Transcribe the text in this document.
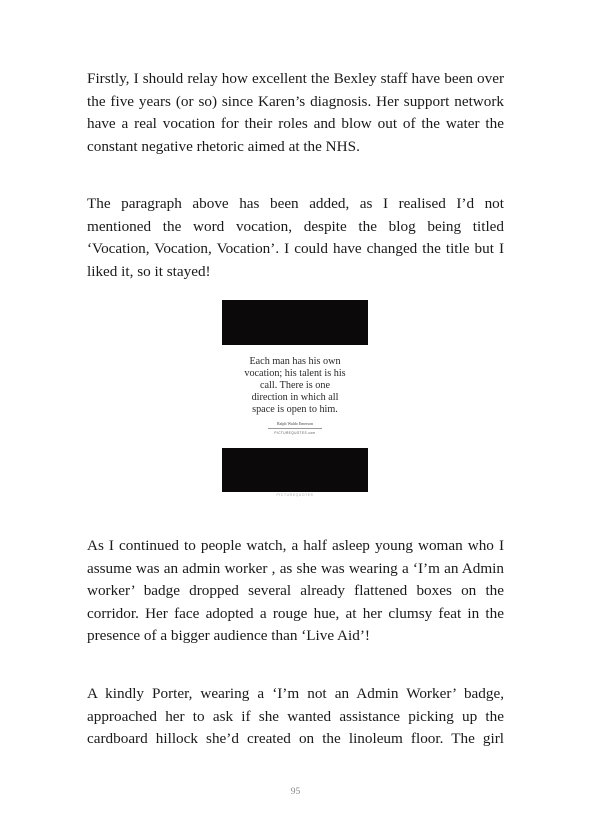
Firstly, I should relay how excellent the Bexley staff have been over the five years (or so) since Karen’s diagnosis. Her support network have a real vocation for their roles and blow out of the water the constant negative rhetoric aimed at the NHS.

The paragraph above has been added, as I realised I’d not mentioned the word vocation, despite the blog being titled ‘Vocation, Vocation, Vocation’. I could have changed the title but I liked it, so it stayed!

Each man has his own
vocation; his talent is his
call. There is one
direction in which all
space is open to him.
Ralph Waldo Emerson
PICTUREQUOTES.com
PICTUREQUOTES

As I continued to people watch, a half asleep young woman who I assume was an admin worker , as she was wearing a ‘I’m an Admin worker’ badge dropped several already flattened boxes on the corridor. Her face adopted a rouge hue, at her clumsy feat in the presence of a bigger audience than ‘Live Aid’!

A kindly Porter, wearing a ‘I’m not an Admin Worker’ badge, approached her to ask if she wanted assistance picking up the cardboard hillock she’d created on the linoleum floor. The girl

95
